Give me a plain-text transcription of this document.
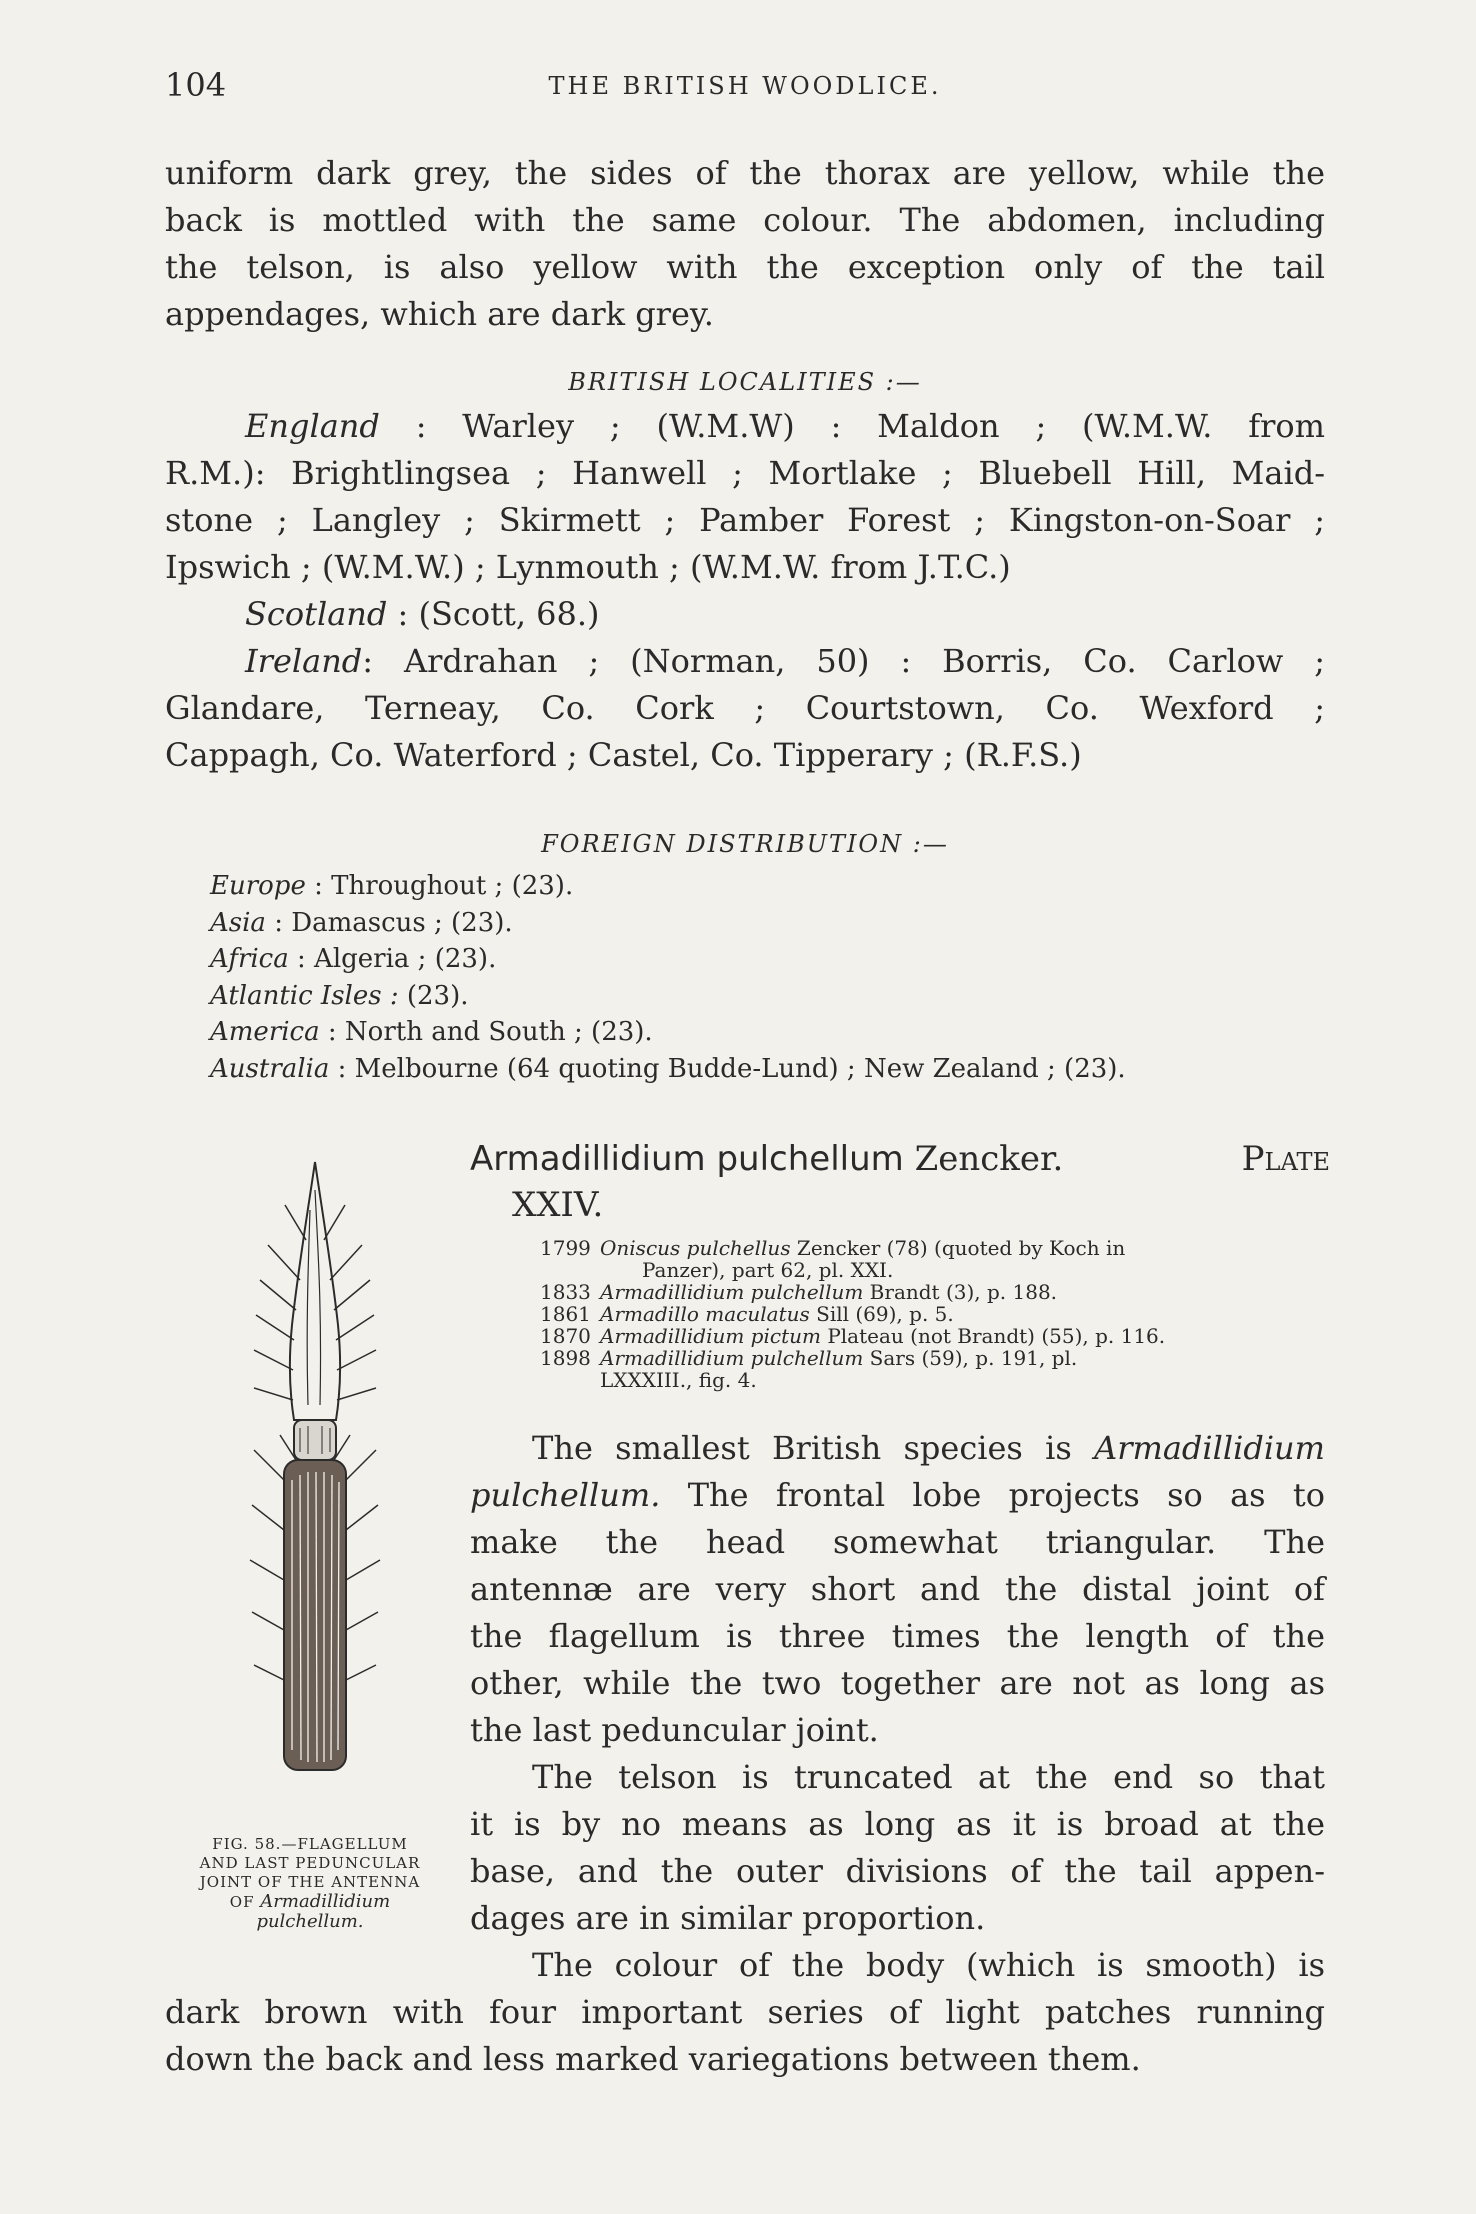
104	THE BRITISH WOODLICE.
uniform dark grey, the sides of the thorax are yellow, while the
back is mottled with the same colour. The abdomen, including
the telson, is also yellow with the exception only of the tail
appendages, which are dark grey.
BRITISH LOCALITIES :—
England : Warley ; (W.M.W) : Maldon ; (W.M.W. from
R.M.): Brightlingsea ; Hanwell ; Mortlake ; Bluebell Hill, Maid-
stone ; Langley ; Skirmett ; Pamber Forest ; Kingston-on-Soar ;
Ipswich ; (W.M.W.) ; Lynmouth ; (W.M.W. from J.T.C.)
Scotland : (Scott, 68.)
Ireland: Ardrahan ; (Norman, 50) : Borris, Co. Carlow ;
Glandare, Terneay, Co. Cork ; Courtstown, Co. Wexford ;
Cappagh, Co. Waterford ; Castel, Co. Tipperary ; (R.F.S.)
FOREIGN DISTRIBUTION :—
Europe : Throughout ; (23).
Asia : Damascus ; (23).
Africa : Algeria ; (23).
Atlantic Isles : (23).
America : North and South ; (23).
Australia : Melbourne (64 quoting Budde-Lund) ; New Zealand ; (23).
Armadillidium pulchellum Zencker.	Plate

XXIV.
1799 Oniscus pulchellus Zencker (78) (quoted by Koch in
Panzer), part 62, pl. XXI.
1833 Armadillidium pulchellum Brandt (3), p. 188.
1861 Armadillo maculatus Sill (69), p. 5.
1870 Armadillidium pictum Plateau (not Brandt) (55), p. 116.
1898 Armadillidium pulchellum Sars (59), p. 191, pl.
LXXXIII., fig. 4.
The smallest British species is Armadillidium
pulchellum. The frontal lobe projects so as to
make the head somewhat triangular. The
antennæ are very short and the distal joint of
the flagellum is three times the length of the
other, while the two together are not as long as
the last peduncular joint.
The telson is truncated at the end so that
it is by no means as long as it is broad at the
base, and the outer divisions of the tail appen-
dages are in similar proportion.
The colour of the body (which is smooth) is
dark brown with four important series of light patches running
down the back and less marked variegations between them.
FIG. 58.—FLAGELLUM
AND LAST PEDUNCULAR
JOINT OF THE ANTENNA
OF Armadillidium
pulchellum.
